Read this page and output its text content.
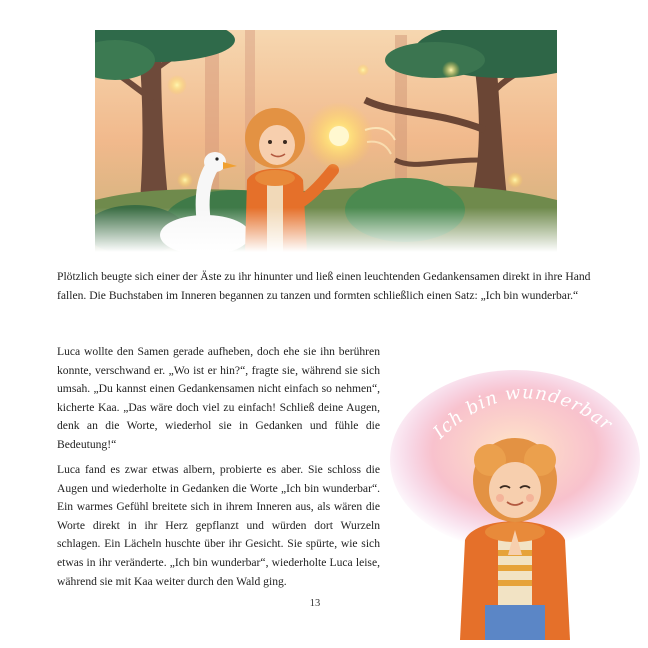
Plötzlich beugte sich einer der Äste zu ihr hinunter und ließ einen leuchtenden Gedankensamen direkt in ihre Hand fallen. Die Buchstaben im Inneren begannen zu tanzen und formten schließlich einen Satz: „Ich bin wunderbar.“

Luca wollte den Samen gerade aufheben, doch ehe sie ihn berühren konnte, verschwand er. „Wo ist er hin?“, fragte sie, während sie sich umsah. „Du kannst einen Gedankensamen nicht einfach so nehmen“, kicherte Kaa. „Das wäre doch viel zu einfach! Schließ deine Augen, denk an die Worte, wiederhol sie in Gedanken und fühle die Bedeutung!“

Luca fand es zwar etwas albern, probierte es aber. Sie schloss die Augen und wiederholte in Gedanken die Worte „Ich bin wunderbar“. Ein warmes Gefühl breitete sich in ihrem Inneren aus, als wären die Worte direkt in ihr Herz gepflanzt und würden dort Wurzeln schlagen. Ein Lächeln huschte über ihr Gesicht. Sie spürte, wie sich etwas in ihr veränderte. „Ich bin wunderbar“, wiederholte Luca leise, während sie mit Kaa weiter durch den Wald ging.

Ich bin wunderbar
13
